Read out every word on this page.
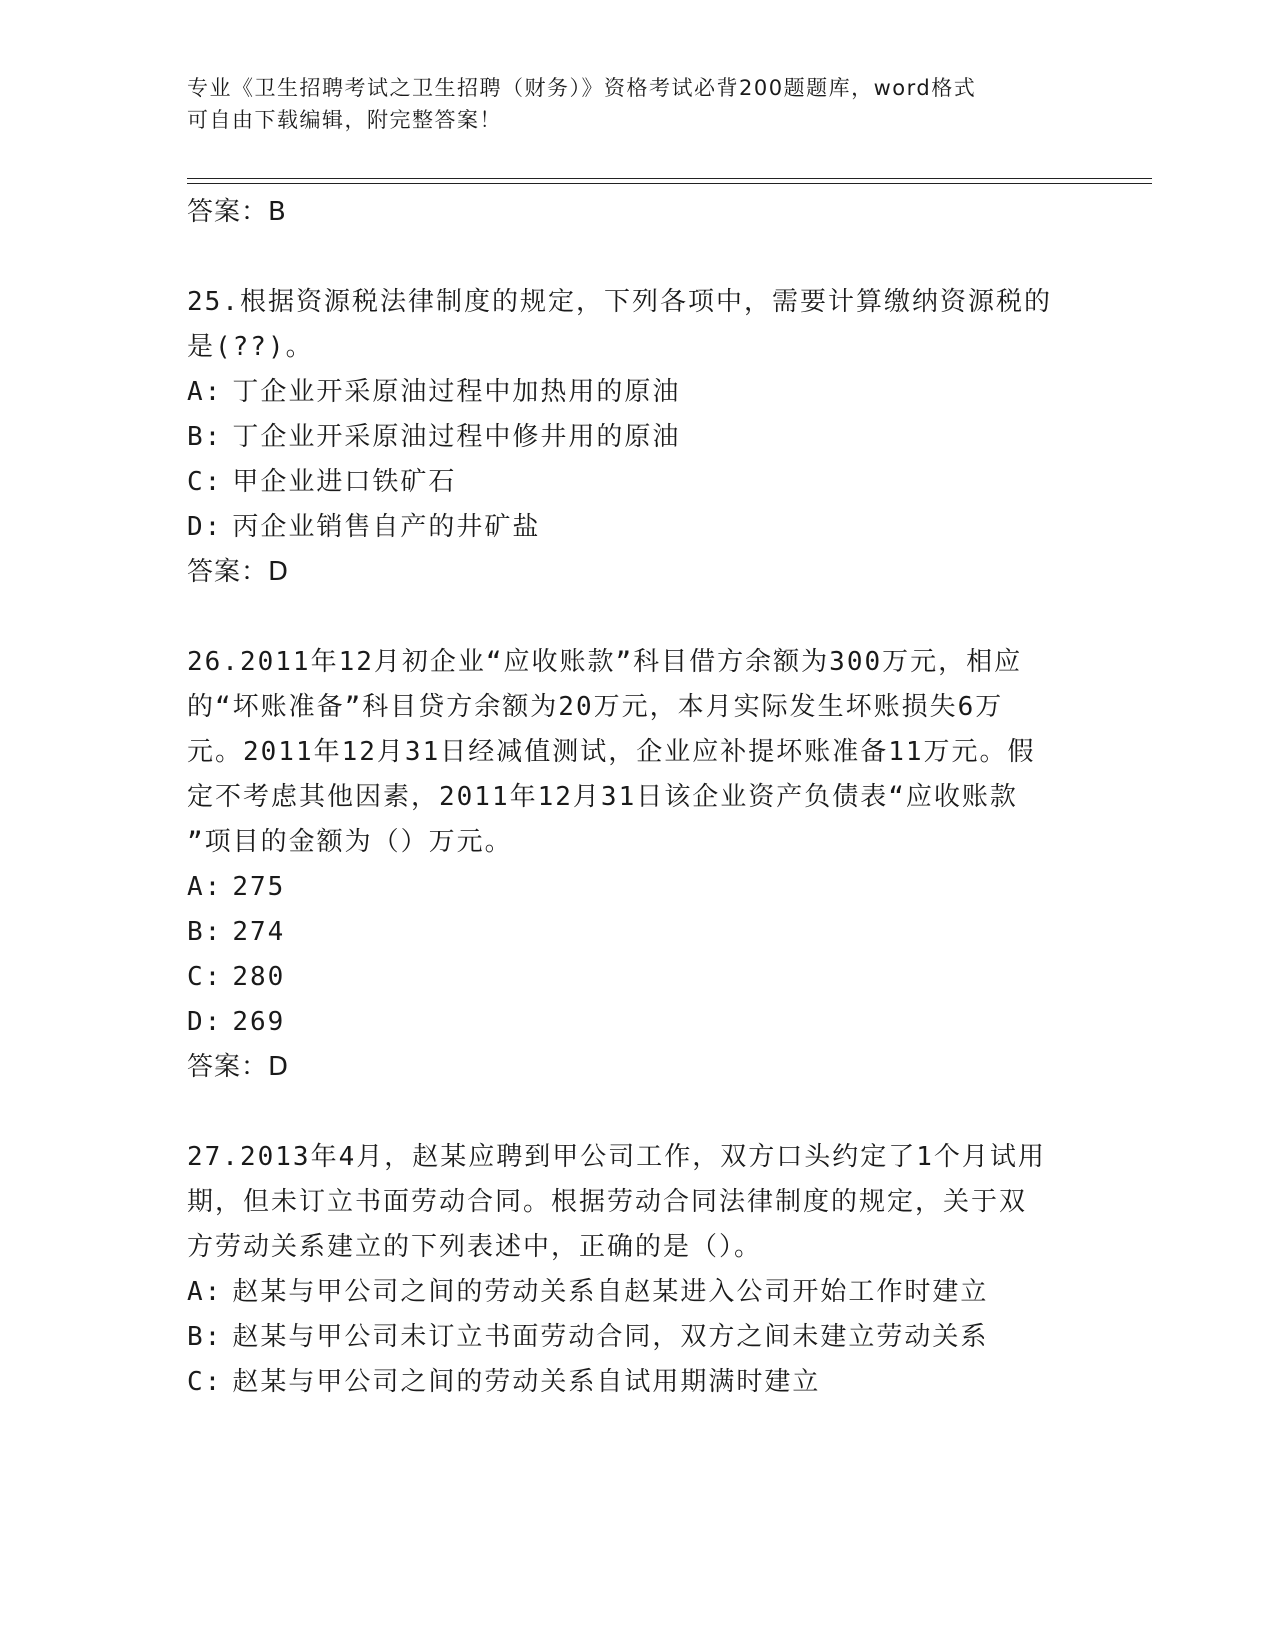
专业《卫生招聘考试之卫生招聘（财务）》资格考试必背200题题库，word格式
可自由下载编辑，附完整答案！
答案：B
25.根据资源税法律制度的规定，下列各项中，需要计算缴纳资源税的
是(??)。
A: 丁企业开采原油过程中加热用的原油
B: 丁企业开采原油过程中修井用的原油
C: 甲企业进口铁矿石
D: 丙企业销售自产的井矿盐
答案：D
26.2011年12月初企业“应收账款”科目借方余额为300万元，相应
的“坏账准备”科目贷方余额为20万元，本月实际发生坏账损失6万
元。2011年12月31日经减值测试，企业应补提坏账准备11万元。假
定不考虑其他因素，2011年12月31日该企业资产负债表“应收账款
”项目的金额为（）万元。
A: 275
B: 274
C: 280
D: 269
答案：D
27.2013年4月，赵某应聘到甲公司工作，双方口头约定了1个月试用
期，但未订立书面劳动合同。根据劳动合同法律制度的规定，关于双
方劳动关系建立的下列表述中，正确的是（）。
A: 赵某与甲公司之间的劳动关系自赵某进入公司开始工作时建立
B: 赵某与甲公司未订立书面劳动合同，双方之间未建立劳动关系
C: 赵某与甲公司之间的劳动关系自试用期满时建立
